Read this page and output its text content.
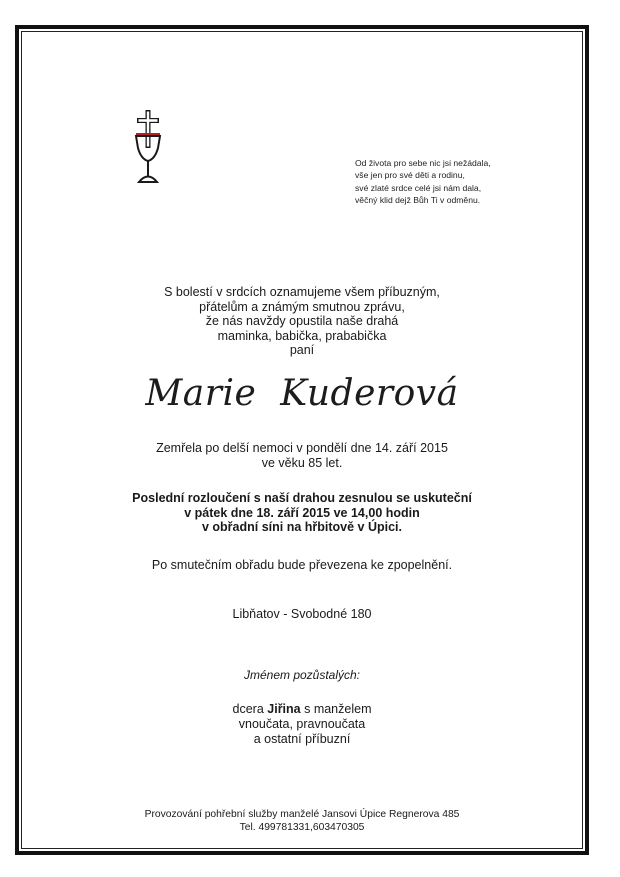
Od života pro sebe nic jsi nežádala,
vše jen pro své děti a rodinu,
své zlaté srdce celé jsi nám dala,
věčný klid dejž Bůh Ti v odměnu.
S bolestí v srdcích oznamujeme všem příbuzným,
přátelům a známým smutnou zprávu,
že nás navždy opustila naše drahá
maminka, babička, prababička
paní
Marie Kuderová
Zemřela po delší nemoci v pondělí dne 14. září 2015
ve věku 85 let.
Poslední rozloučení s naší drahou zesnulou se uskuteční
v pátek dne 18. září 2015 ve 14,00 hodin
v obřadní síni na hřbitově v Úpici.
Po smutečním obřadu bude převezena ke zpopelnění.
Libňatov - Svobodné 180
Jménem pozůstalých:
dcera Jiřina s manželem
vnoučata, pravnoučata
a ostatní příbuzní
Provozování pohřební služby manželé Jansovi Úpice Regnerova 485
Tel. 499781331,603470305
